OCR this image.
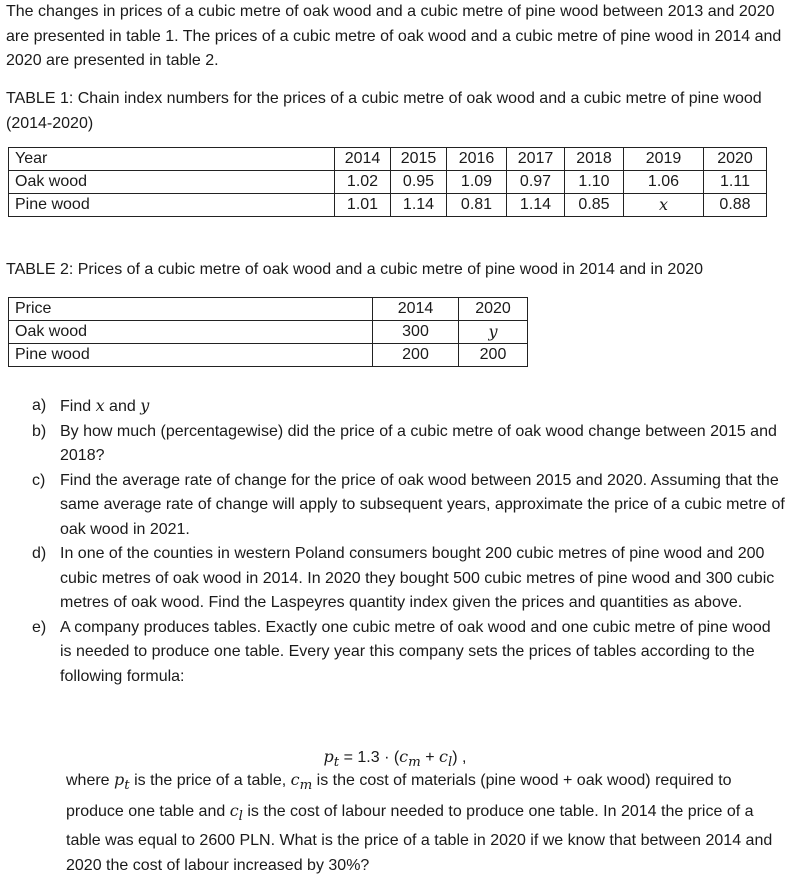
The changes in prices of a cubic metre of oak wood and a cubic metre of pine wood between 2013 and 2020 are presented in table 1. The prices of a cubic metre of oak wood and a cubic metre of pine wood in 2014 and 2020 are presented in table 2.

TABLE 1: Chain index numbers for the prices of a cubic metre of oak wood and a cubic metre of pine wood (2014-2020)

Year	2014	2015	2016	2017	2018	2019	2020
Oak wood	1.02	0.95	1.09	0.97	1.10	1.06	1.11
Pine wood	1.01	1.14	0.81	1.14	0.85	x	0.88

TABLE 2: Prices of a cubic metre of oak wood and a cubic metre of pine wood in 2014 and in 2020

Price	2014	2020
Oak wood	300	y
Pine wood	200	200
a) Find x and y
b) By how much (percentagewise) did the price of a cubic metre of oak wood change between 2015 and 2018?
c) Find the average rate of change for the price of oak wood between 2015 and 2020. Assuming that the same average rate of change will apply to subsequent years, approximate the price of a cubic metre of oak wood in 2021.
d) In one of the counties in western Poland consumers bought 200 cubic metres of pine wood and 200 cubic metres of oak wood in 2014. In 2020 they bought 500 cubic metres of pine wood and 300 cubic metres of oak wood. Find the Laspeyres quantity index given the prices and quantities as above.
e) A company produces tables. Exactly one cubic metre of oak wood and one cubic metre of pine wood is needed to produce one table. Every year this company sets the prices of tables according to the following formula:
$p_t = 1.3 \cdot (c_m + c_l)$ ,

where $p_t$ is the price of a table, $c_m$ is the cost of materials (pine wood + oak wood) required to produce one table and $c_l$ is the cost of labour needed to produce one table. In 2014 the price of a table was equal to 2600 PLN. What is the price of a table in 2020 if we know that between 2014 and 2020 the cost of labour increased by 30%?
